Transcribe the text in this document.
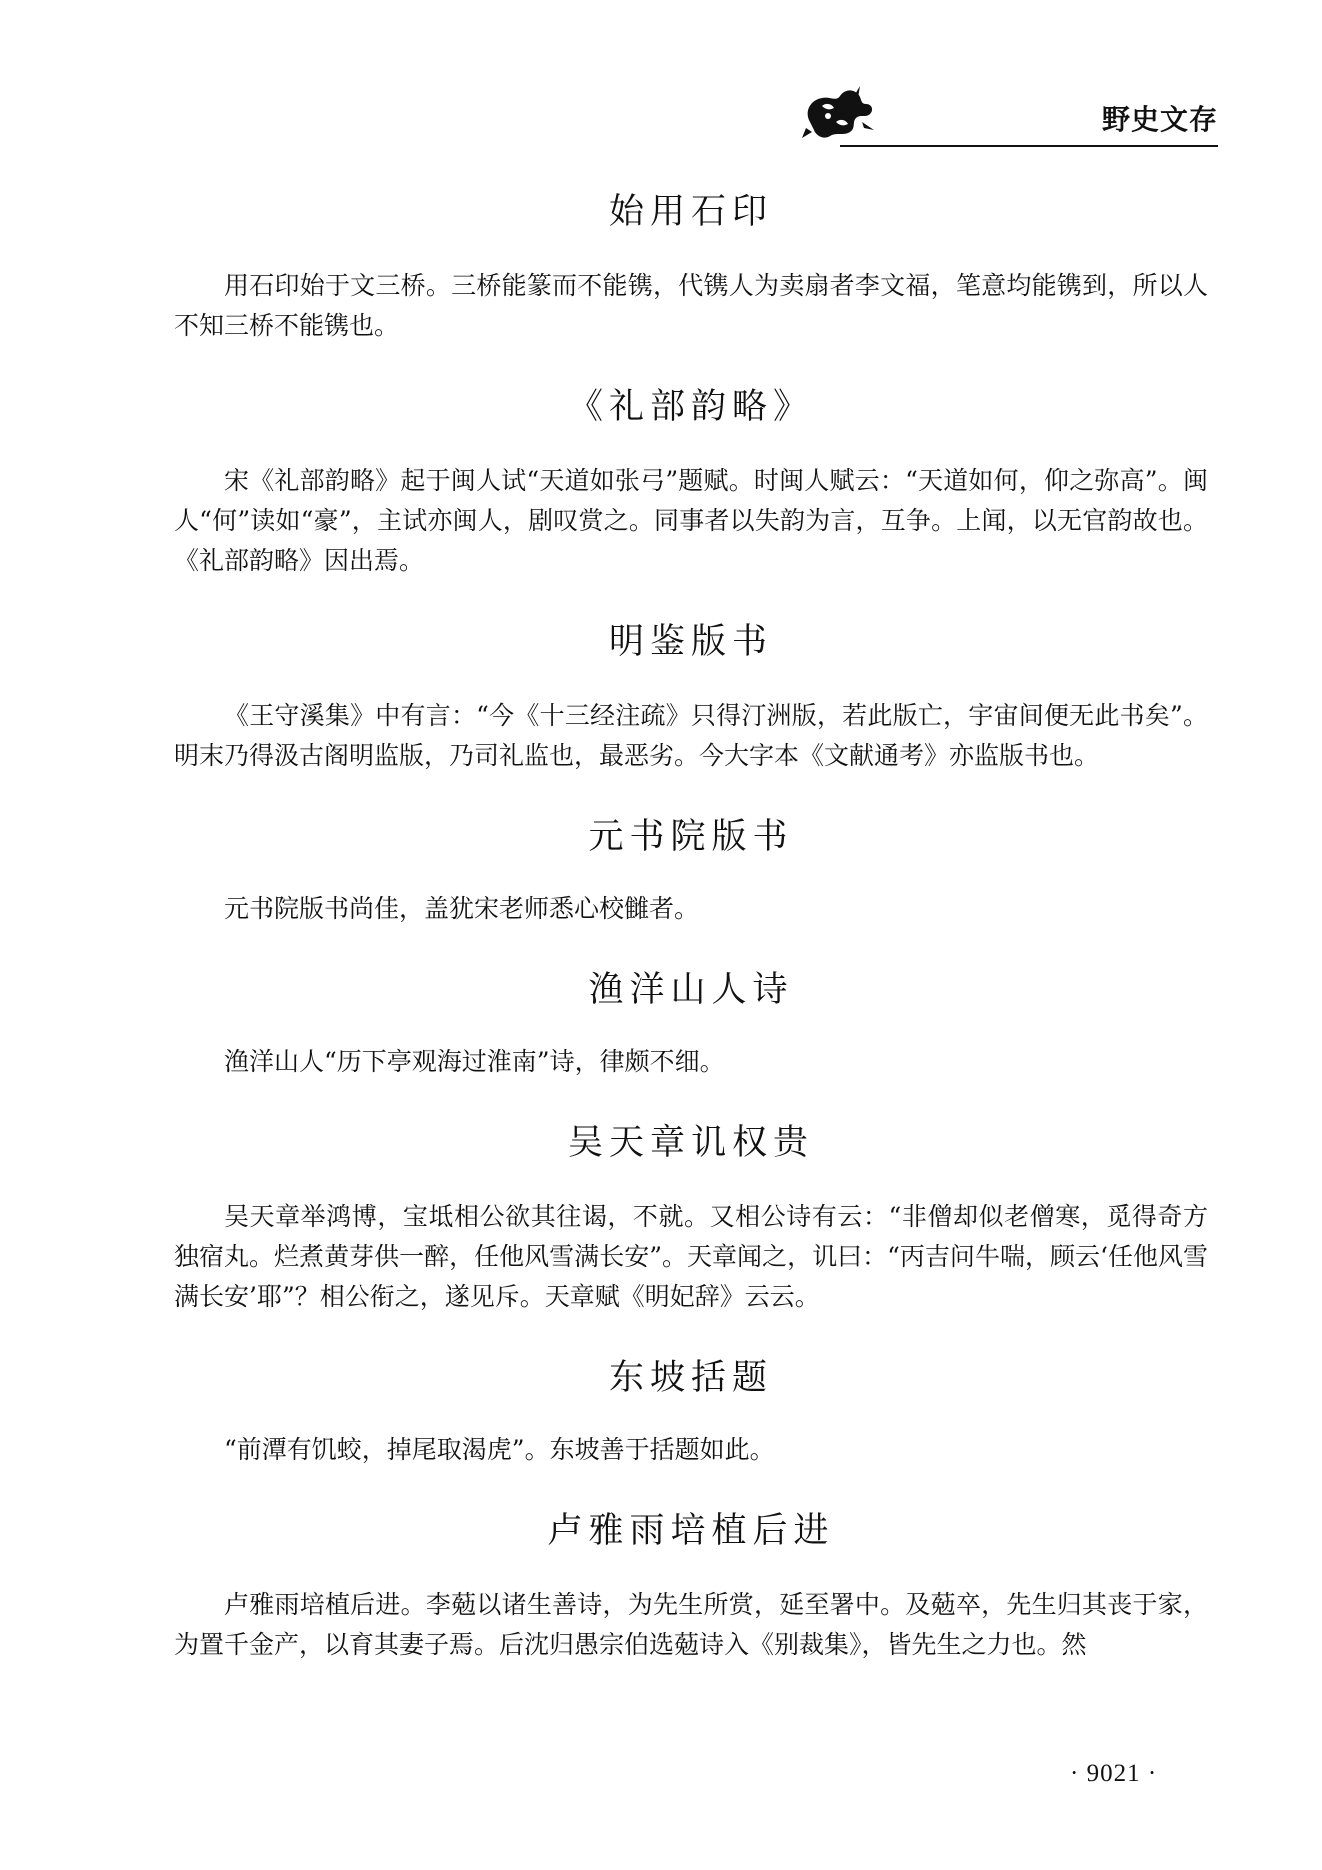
野史文存
始用石印

用石印始于文三桥。三桥能篆而不能镌，代镌人为卖扇者李文福，笔意均能镌到，所以人不知三桥不能镌也。

《礼部韵略》

宋《礼部韵略》起于闽人试“天道如张弓”题赋。时闽人赋云：“天道如何，仰之弥高”。闽人“何”读如“豪”，主试亦闽人，剧叹赏之。同事者以失韵为言，互争。上闻，以无官韵故也。《礼部韵略》因出焉。

明鉴版书

《王守溪集》中有言：“今《十三经注疏》只得汀洲版，若此版亡，宇宙间便无此书矣”。明末乃得汲古阁明监版，乃司礼监也，最恶劣。今大字本《文献通考》亦监版书也。

元书院版书

元书院版书尚佳，盖犹宋老师悉心校雠者。

渔洋山人诗

渔洋山人“历下亭观海过淮南”诗，律颇不细。

吴天章讥权贵

吴天章举鸿博，宝坻相公欲其往谒，不就。又相公诗有云：“非僧却似老僧寒，觅得奇方独宿丸。烂煮黄芽供一醉，任他风雪满长安”。天章闻之，讥曰：“丙吉问牛喘，顾云‘任他风雪满长安’耶”？相公衔之，遂见斥。天章赋《明妃辞》云云。

东坡括题

“前潭有饥蛟，掉尾取渴虎”。东坡善于括题如此。

卢雅雨培植后进

卢雅雨培植后进。李葂以诸生善诗，为先生所赏，延至署中。及葂卒，先生归其丧于家，为置千金产，以育其妻子焉。后沈归愚宗伯选葂诗入《别裁集》，皆先生之力也。然

· 9021 ·
